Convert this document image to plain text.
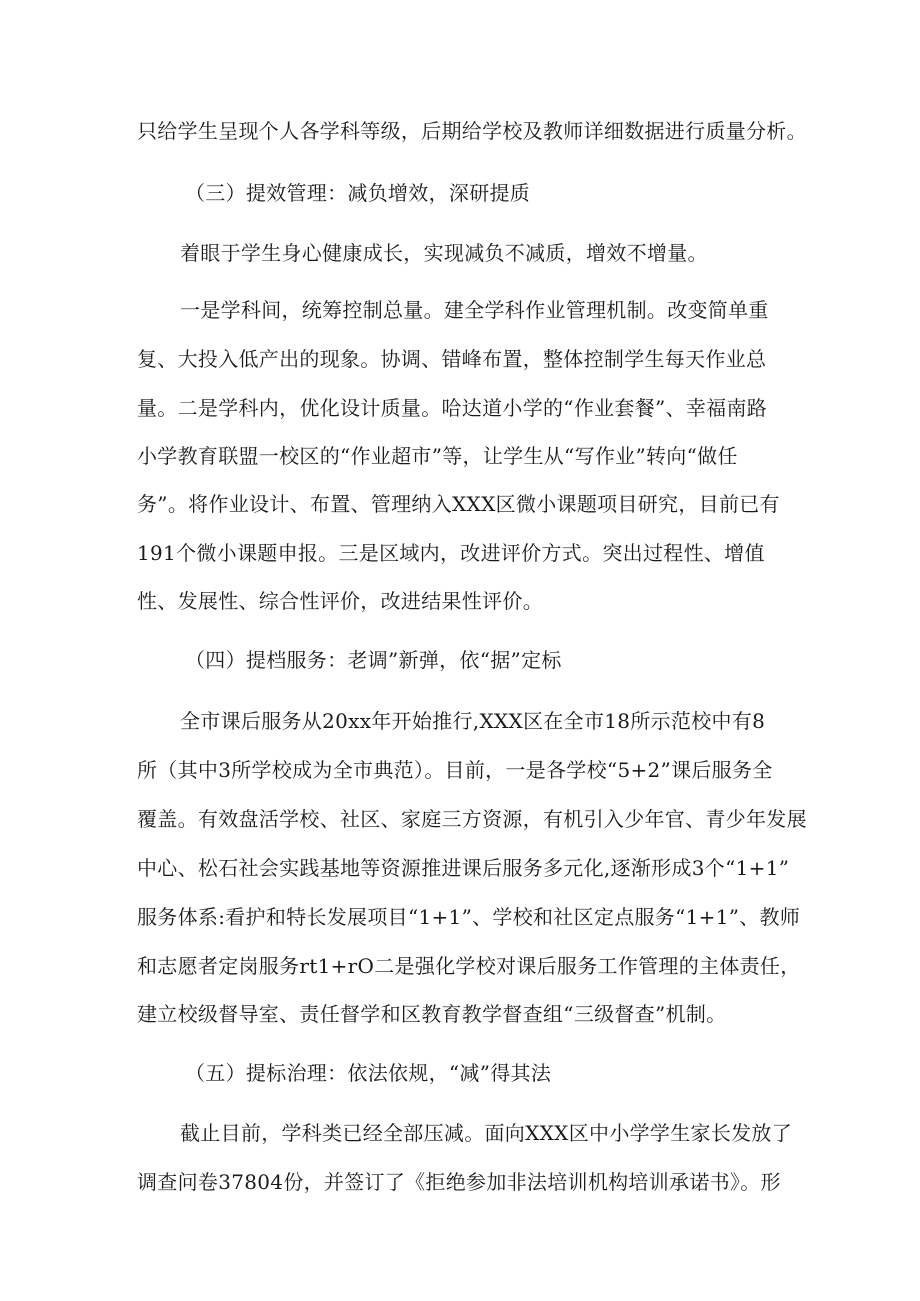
只给学生呈现个人各学科等级，后期给学校及教师详细数据进行质量分析。
（三）提效管理：减负增效，深研提质
着眼于学生身心健康成长，实现减负不减质，增效不增量。
一是学科间，统筹控制总量。建全学科作业管理机制。改变简单重
复、大投入低产出的现象。协调、错峰布置，整体控制学生每天作业总
量。二是学科内，优化设计质量。哈达道小学的“作业套餐”、幸福南路
小学教育联盟一校区的“作业超市”等，让学生从“写作业”转向“做任
务”。将作业设计、布置、管理纳入XXX区微小课题项目研究，目前已有
191个微小课题申报。三是区域内，改进评价方式。突出过程性、增值
性、发展性、综合性评价，改进结果性评价。
（四）提档服务：老调”新弹，依“据”定标
全市课后服务从20xx年开始推行,XXX区在全市18所示范校中有8
所（其中3所学校成为全市典范）。目前，一是各学校“5+2”课后服务全
覆盖。有效盘活学校、社区、家庭三方资源，有机引入少年官、青少年发展
中心、松石社会实践基地等资源推进课后服务多元化,逐渐形成3个“1+1”
服务体系:看护和特长发展项目“1+1”、学校和社区定点服务“1+1”、教师
和志愿者定岗服务rt1+rO二是强化学校对课后服务工作管理的主体责任，
建立校级督导室、责任督学和区教育教学督查组“三级督查”机制。
（五）提标治理：依法依规，“减”得其法
截止目前，学科类已经全部压减。面向XXX区中小学学生家长发放了
调查问卷37804份，并签订了《拒绝参加非法培训机构培训承诺书》。形
